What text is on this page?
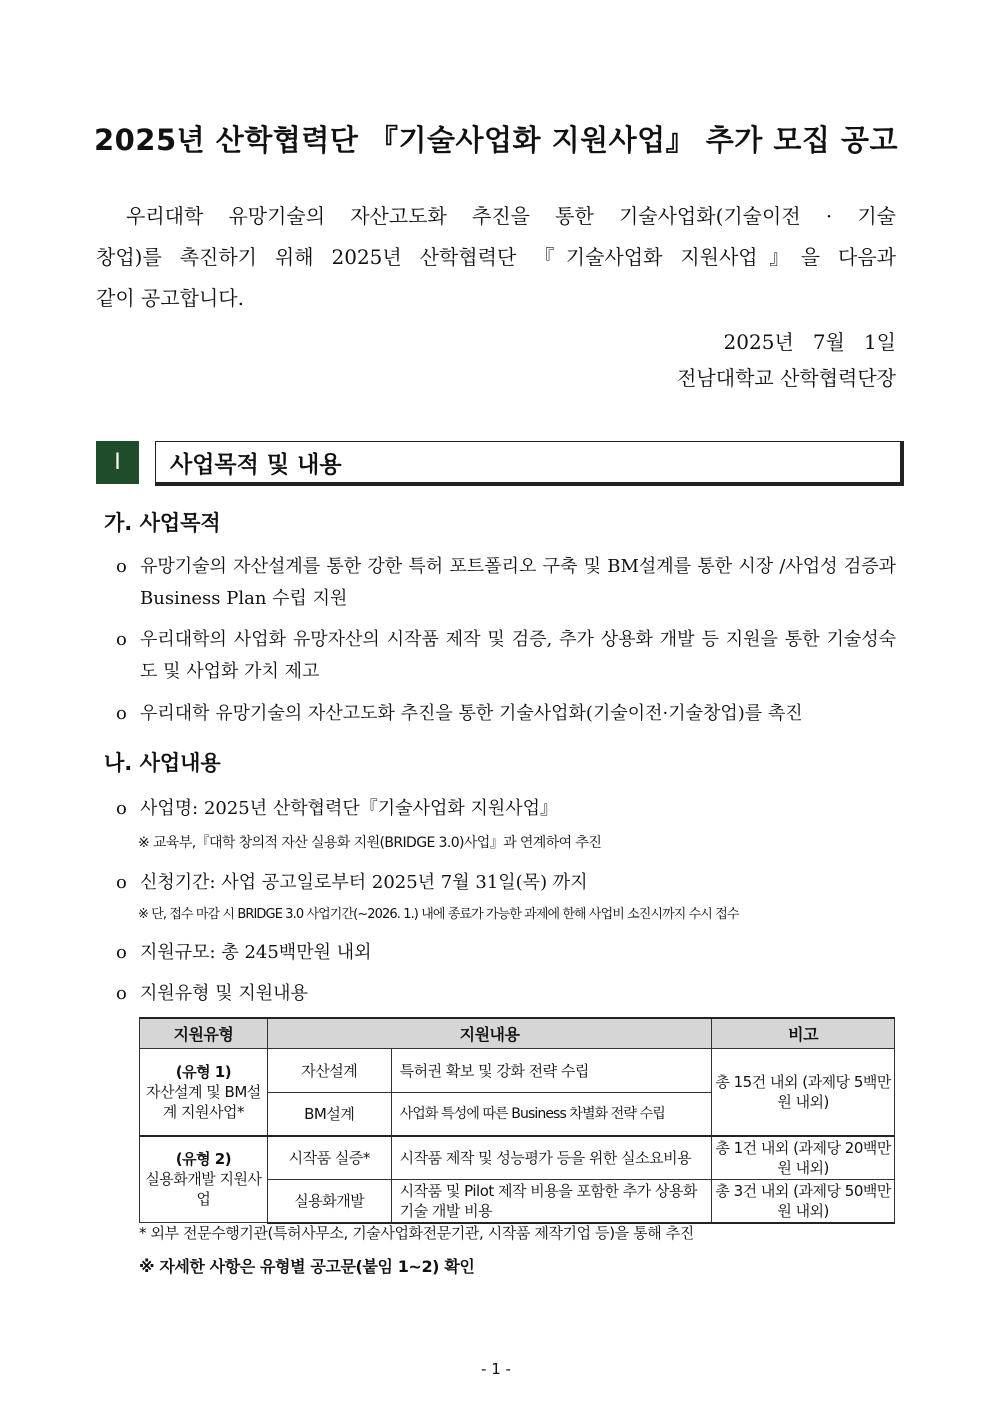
2025년 산학협력단 『기술사업화 지원사업』 추가 모집 공고
우리대학 유망기술의 자산고도화 추진을 통한 기술사업화(기술이전 · 기술
창업)를 촉진하기 위해 2025년 산학협력단 『기술사업화 지원사업』을 다음과
같이 공고합니다.
2025년   7월   1일
전남대학교 산학협력단장
Ⅰ	사업목적 및 내용
가. 사업목적
o 유망기술의 자산설계를 통한 강한 특허 포트폴리오 구축 및 BM설계를 통한 시장 /사업성 검증과 Business Plan 수립 지원
o 우리대학의 사업화 유망자산의 시작품 제작 및 검증, 추가 상용화 개발 등 지원을 통한 기술성숙도 및 사업화 가치 제고
o 우리대학 유망기술의 자산고도화 추진을 통한 기술사업화(기술이전·기술창업)를 촉진
나. 사업내용
o 사업명: 2025년 산학협력단『기술사업화 지원사업』
※ 교육부,『대학 창의적 자산 실용화 지원(BRIDGE 3.0)사업』과 연계하여 추진
o 신청기간: 사업 공고일로부터 2025년 7월 31일(목) 까지
※ 단, 접수 마감 시 BRIDGE 3.0 사업기간(~2026. 1.) 내에 종료가 가능한 과제에 한해 사업비 소진시까지 수시 접수
o 지원규모: 총 245백만원 내외
o 지원유형 및 지원내용
지원유형	지원내용		비고

(유형 1)
자산설계 및 BM설계 지원사업*	자산설계	특허권 확보 및 강화 전략 수립	총 15건 내외 (과제당 5백만원 내외)
	BM설계	사업화 특성에 따른 Business 차별화 전략 수립	

(유형 2)
실용화개발 지원사업	시작품 실증*	시작품 제작 및 성능평가 등을 위한 실소요비용	총 1건 내외 (과제당 20백만원 내외)
	실용화개발	시작품 및 Pilot 제작 비용을 포함한 추가 상용화 기술 개발 비용	총 3건 내외 (과제당 50백만원 내외)
* 외부 전문수행기관(특허사무소, 기술사업화전문기관, 시작품 제작기업 등)을 통해 추진
※ 자세한 사항은 유형별 공고문(붙임 1~2) 확인
- 1 -
